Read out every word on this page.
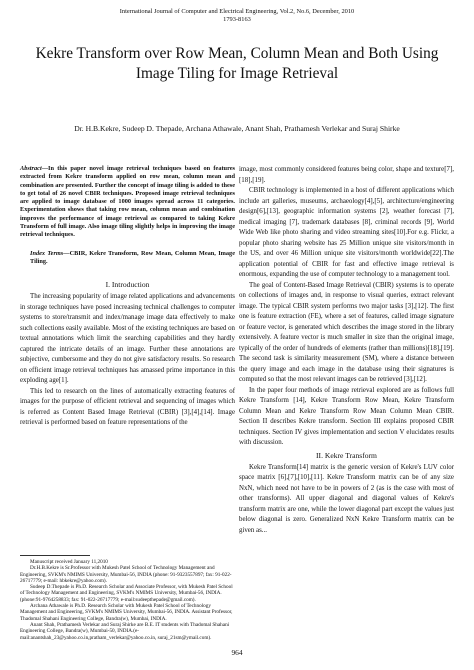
International Journal of Computer and Electrical Engineering, Vol.2, No.6, December, 2010
1793-8163
Kekre Transform over Row Mean, Column Mean and Both Using Image Tiling for Image Retrieval
Dr. H.B.Kekre, Sudeep D. Thepade, Archana Athawale, Anant Shah, Prathamesh Verlekar and Suraj Shirke

Abstract—In this paper novel image retrieval techniques based on features extracted from Kekre transform applied on row mean, column mean and combination are presented. Further the concept of image tiling is added to these to get total of 26 novel CBIR techniques. Proposed image retrieval techniques are applied to image database of 1000 images spread across 11 categories. Experimentation shows that taking row mean, column mean and combination improves the performance of image retrieval as compared to taking Kekre Transform of full image. Also image tiling slightly helps in improving the image retrieval techniques.

Index Terms—CBIR, Kekre Transform, Row Mean, Column Mean, Image Tiling.

I. Introduction

The increasing popularity of image related applications and advancements in storage techniques have posed increasing technical challenges to computer systems to store/transmit and index/manage image data effectively to make such collections easily available. Most of the existing techniques are based on textual annotations which limit the searching capabilities and they hardly captured the intricate details of an image. Further these annotations are subjective, cumbersome and they do not give satisfactory results. So research on efficient image retrieval techniques has amassed prime importance in this exploding age[1].

This led to research on the lines of automatically extracting features of images for the purpose of efficient retrieval and sequencing of images which is referred as Content Based Image Retrieval (CBIR) [3],[4],[14]. Image retrieval is performed based on feature representations of the

Manuscript received January 11,2010

Dr.H.B.Kekre is Sr.Professor with Mukesh Patel School of Technology Management and Engineering, SVKM's NMIMS University, Mumbai-56, INDIA (phone: 91-9323557897; fax: 91-022-26717779; e-mail: hbkekre@yahoo.com).

Sudeep D.Thepade is Ph.D. Research Scholar and Associate Professor, with Mukesh Patel School of Technology Management and Engineering, SVKM's NMIMS University, Mumbai-56, INDIA. (phone:91-9764258833; fax: 91-022-26717779; e-mail:sudeepthepade@gmail.com).

Archana Athawale is Ph.D. Research Scholar with Mukesh Patel School of Technology Management and Engineering, SVKM's NMIMS University, Mumbai-56, INDIA. Assistant Professor, Thadomal Shahani Engineering College, Bandra(w), Mumbai, INDIA.

Anant Shah, Prathamesh Verlekar and Suraj Shirke are B.E. IT students with Thadomal Shahani Engineering College, Bandra(w), Mumbai-50, INDIA.(e-mail:anantshah_23@yahoo.co.in,pratham_verlekar@yahoo.co.in, suraj_21sm@ymail.com).

image, most commonly considered features being color, shape and texture[7],[18],[19].

CBIR technology is implemented in a host of different applications which include art galleries, museums, archaeology[4],[5], architecture/engineering design[6],[13], geographic information systems [2], weather forecast [7], medical imaging [7], trademark databases [8], criminal records [9], World Wide Web like photo sharing and video streaming sites[10].For e.g. Flickr, a popular photo sharing website has 25 Million unique site visitors/month in the US, and over 46 Million unique site visitors/month worldwide[22].The application potential of CBIR for fast and effective image retrieval is enormous, expanding the use of computer technology to a management tool.

The goal of Content-Based Image Retrieval (CBIR) systems is to operate on collections of images and, in response to visual queries, extract relevant image. The typical CBIR system performs two major tasks [3],[12]. The first one is feature extraction (FE), where a set of features, called image signature or feature vector, is generated which describes the image stored in the library extensively. A feature vector is much smaller in size than the original image, typically of the order of hundreds of elements (rather than millions)[18],[19]. The second task is similarity measurement (SM), where a distance between the query image and each image in the database using their signatures is computed so that the most relevant images can be retrieved [3],[12].

In the paper four methods of image retrieval explored are as follows full Kekre Transform [14], Kekre Transform Row Mean, Kekre Transform Column Mean and Kekre Transform Row Mean Column Mean CBIR. Section II describes Kekre transform. Section III explains proposed CBIR techniques. Section IV gives implementation and section V elucidates results with discussion.

II. Kekre Transform

Kekre Transform[14] matrix is the generic version of Kekre's LUV color space matrix [6],[7],[10],[11]. Kekre Transform matrix can be of any size NxN, which need not have to be in powers of 2 (as is the case with most of other transforms). All upper diagonal and diagonal values of Kekre's transform matrix are one, while the lower diagonal part except the values just below diagonal is zero. Generalized NxN Kekre Transform matrix can be given as...

964
